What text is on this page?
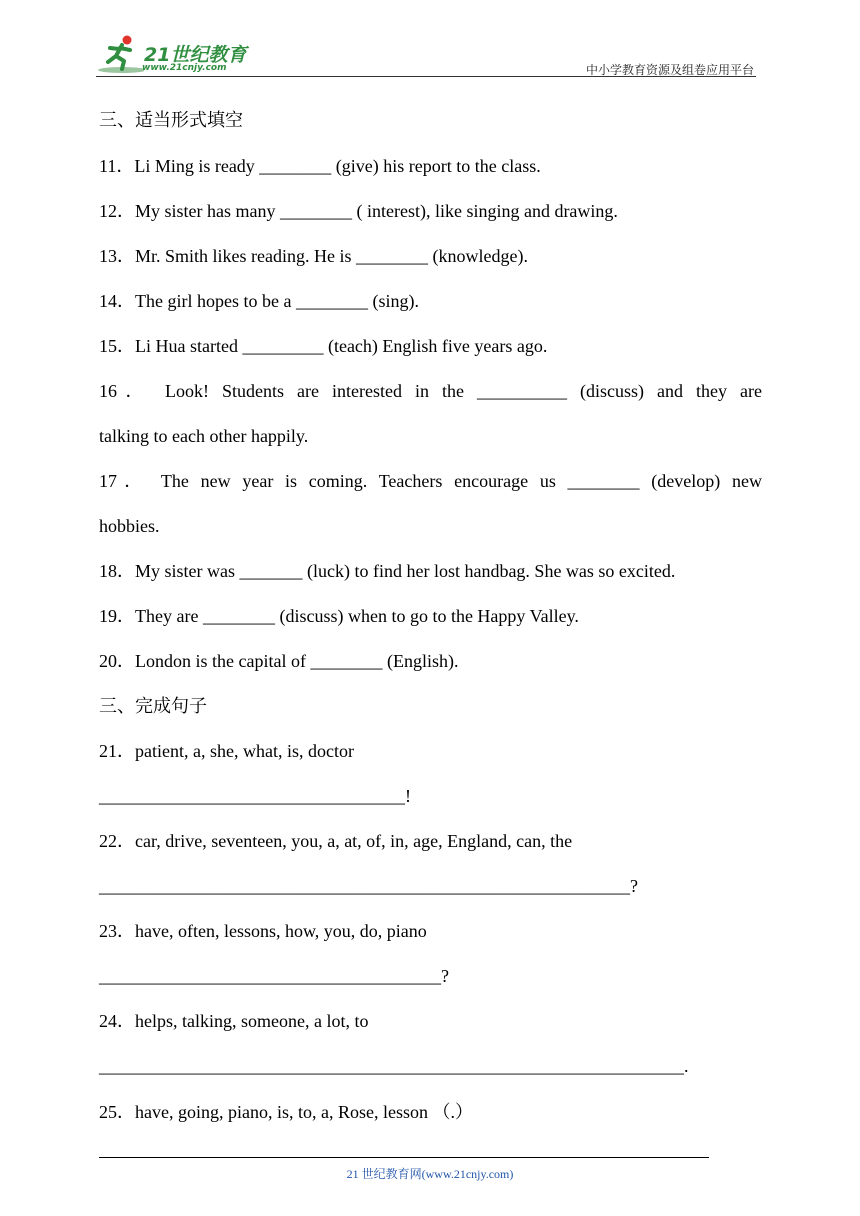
21世纪教育
www.21cnjy.com	中小学教育资源及组卷应用平台
三、适当形式填空
11．Li Ming is ready ________ (give) his report to the class.
12．My sister has many ________ ( interest), like singing and drawing.
13．Mr. Smith likes reading. He is ________ (knowledge).
14．The girl hopes to be a ________ (sing).
15．Li Hua started _________ (teach) English five years ago.
16． Look! Students are interested in the __________ (discuss) and they are
talking to each other happily.
17． The new year is coming. Teachers encourage us ________ (develop) new
hobbies.
18．My sister was _______ (luck) to find her lost handbag. She was so excited.
19．They are ________ (discuss) when to go to the Happy Valley.
20．London is the capital of ________ (English).
三、完成句子
21．patient, a, she, what, is, doctor
__________________________________!
22．car, drive, seventeen, you, a, at, of, in, age, England, can, the
___________________________________________________________?
23．have, often, lessons, how, you, do, piano
______________________________________?
24．helps, talking, someone, a lot, to
_________________________________________________________________.
25．have, going, piano, is, to, a, Rose, lesson （.）
21 世纪教育网(www.21cnjy.com)
